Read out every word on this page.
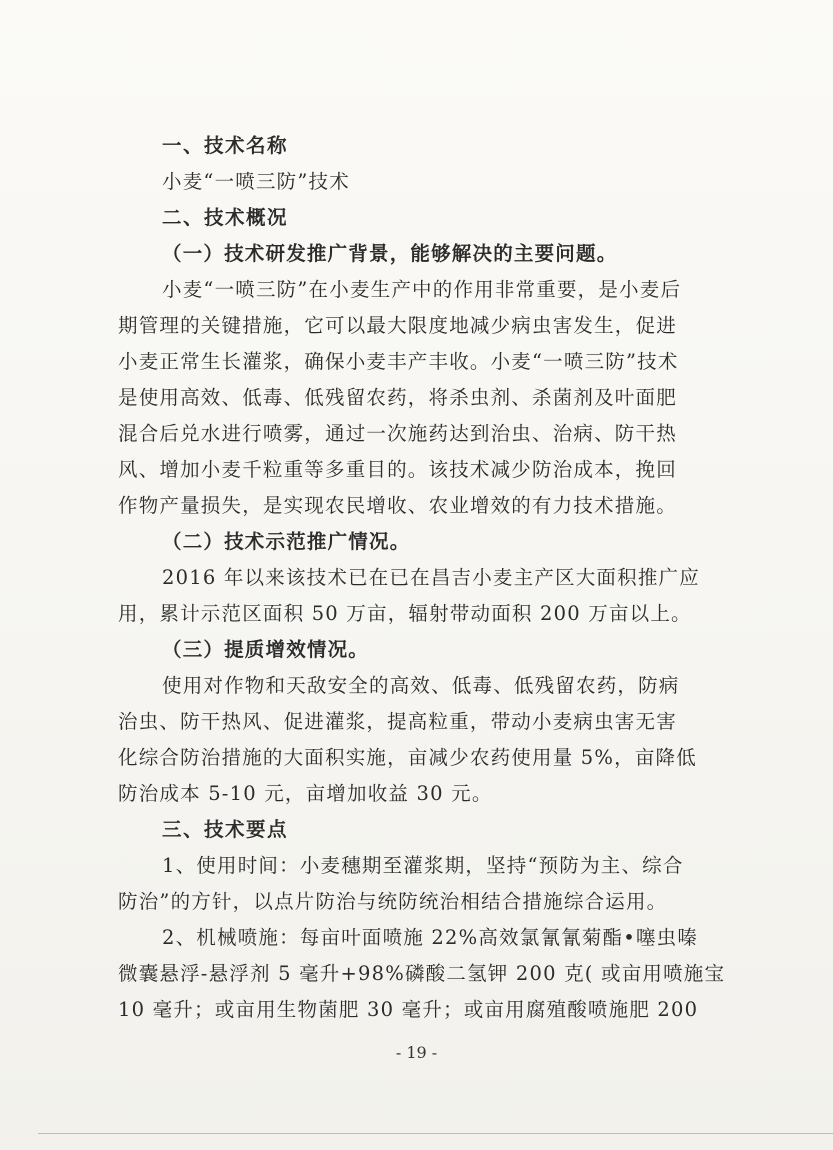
一、技术名称
小麦“一喷三防”技术
二、技术概况
（一）技术研发推广背景，能够解决的主要问题。
小麦“一喷三防”在小麦生产中的作用非常重要，是小麦后
期管理的关键措施，它可以最大限度地减少病虫害发生，促进
小麦正常生长灌浆，确保小麦丰产丰收。小麦“一喷三防”技术
是使用高效、低毒、低残留农药，将杀虫剂、杀菌剂及叶面肥
混合后兑水进行喷雾，通过一次施药达到治虫、治病、防干热
风、增加小麦千粒重等多重目的。该技术减少防治成本，挽回
作物产量损失，是实现农民增收、农业增效的有力技术措施。
（二）技术示范推广情况。
2016 年以来该技术已在已在昌吉小麦主产区大面积推广应
用，累计示范区面积 50 万亩，辐射带动面积 200 万亩以上。
（三）提质增效情况。
使用对作物和天敌安全的高效、低毒、低残留农药，防病
治虫、防干热风、促进灌浆，提高粒重，带动小麦病虫害无害
化综合防治措施的大面积实施，亩减少农药使用量 5%，亩降低
防治成本 5-10 元，亩增加收益 30 元。
三、技术要点
1、使用时间：小麦穗期至灌浆期，坚持“预防为主、综合
防治”的方针，以点片防治与统防统治相结合措施综合运用。
2、机械喷施：每亩叶面喷施 22%高效氯氰氰菊酯•噻虫嗪
微囊悬浮-悬浮剂 5 毫升+98%磷酸二氢钾 200 克( 或亩用喷施宝
10 毫升；或亩用生物菌肥 30 毫升；或亩用腐殖酸喷施肥 200
- 19 -
